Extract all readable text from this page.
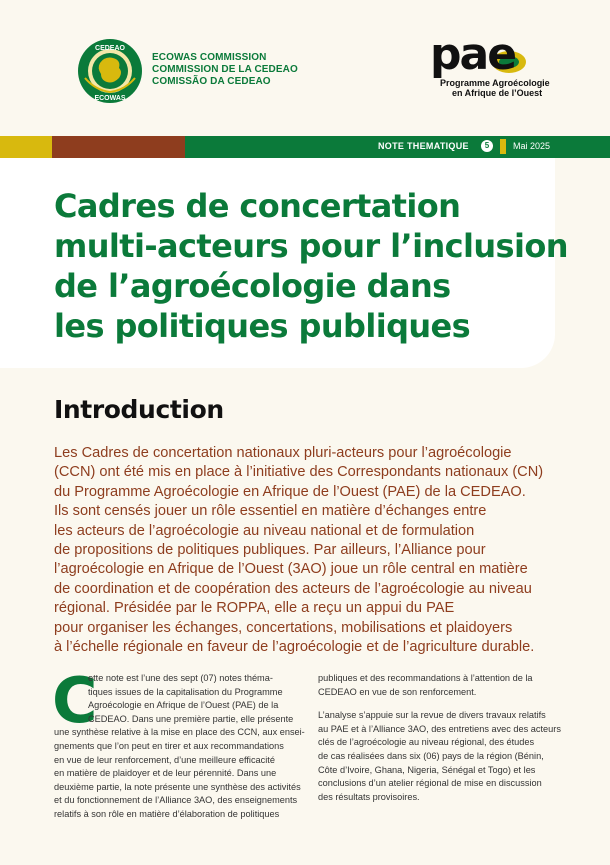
CEDEAO
ECOWAS
ECOWAS COMMISSION
COMMISSION DE LA CEDEAO
COMISSÃO DA CEDEAO
pae
Programme Agroécologie
en Afrique de l’Ouest
NOTE THEMATIQUE	5	Mai 2025
Cadres de concertation
multi-acteurs pour l’inclusion
de l’agroécologie dans
les politiques publiques
Introduction
Les Cadres de concertation nationaux pluri-acteurs pour l’agroécologie
(CCN) ont été mis en place à l’initiative des Correspondants nationaux (CN)
du Programme Agroécologie en Afrique de l’Ouest (PAE) de la CEDEAO.
Ils sont censés jouer un rôle essentiel en matière d’échanges entre
les acteurs de l’agroécologie au niveau national et de formulation
de propositions de politiques publiques. Par ailleurs, l’Alliance pour
l’agroécologie en Afrique de l’Ouest (3AO) joue un rôle central en matière
de coordination et de coopération des acteurs de l’agroécologie au niveau
régional. Présidée par le ROPPA, elle a reçu un appui du PAE
pour organiser les échanges, concertations, mobilisations et plaidoyers
à l’échelle régionale en faveur de l’agroécologie et de l’agriculture durable.
C
ette note est l’une des sept (07) notes théma-
tiques issues de la capitalisation du Programme
Agroécologie en Afrique de l’Ouest (PAE) de la
CEDEAO. Dans une première partie, elle présente
une synthèse relative à la mise en place des CCN, aux ensei-
gnements que l’on peut en tirer et aux recommandations
en vue de leur renforcement, d’une meilleure efficacité
en matière de plaidoyer et de leur pérennité. Dans une
deuxième partie, la note présente une synthèse des activités
et du fonctionnement de l’Alliance 3AO, des enseignements
relatifs à son rôle en matière d’élaboration de politiques

publiques et des recommandations à l’attention de la
CEDEAO en vue de son renforcement.

L’analyse s’appuie sur la revue de divers travaux relatifs
au PAE et à l’Alliance 3AO, des entretiens avec des acteurs
clés de l’agroécologie au niveau régional, des études
de cas réalisées dans six (06) pays de la région (Bénin,
Côte d’Ivoire, Ghana, Nigeria, Sénégal et Togo) et les
conclusions d’un atelier régional de mise en discussion
des résultats provisoires.
